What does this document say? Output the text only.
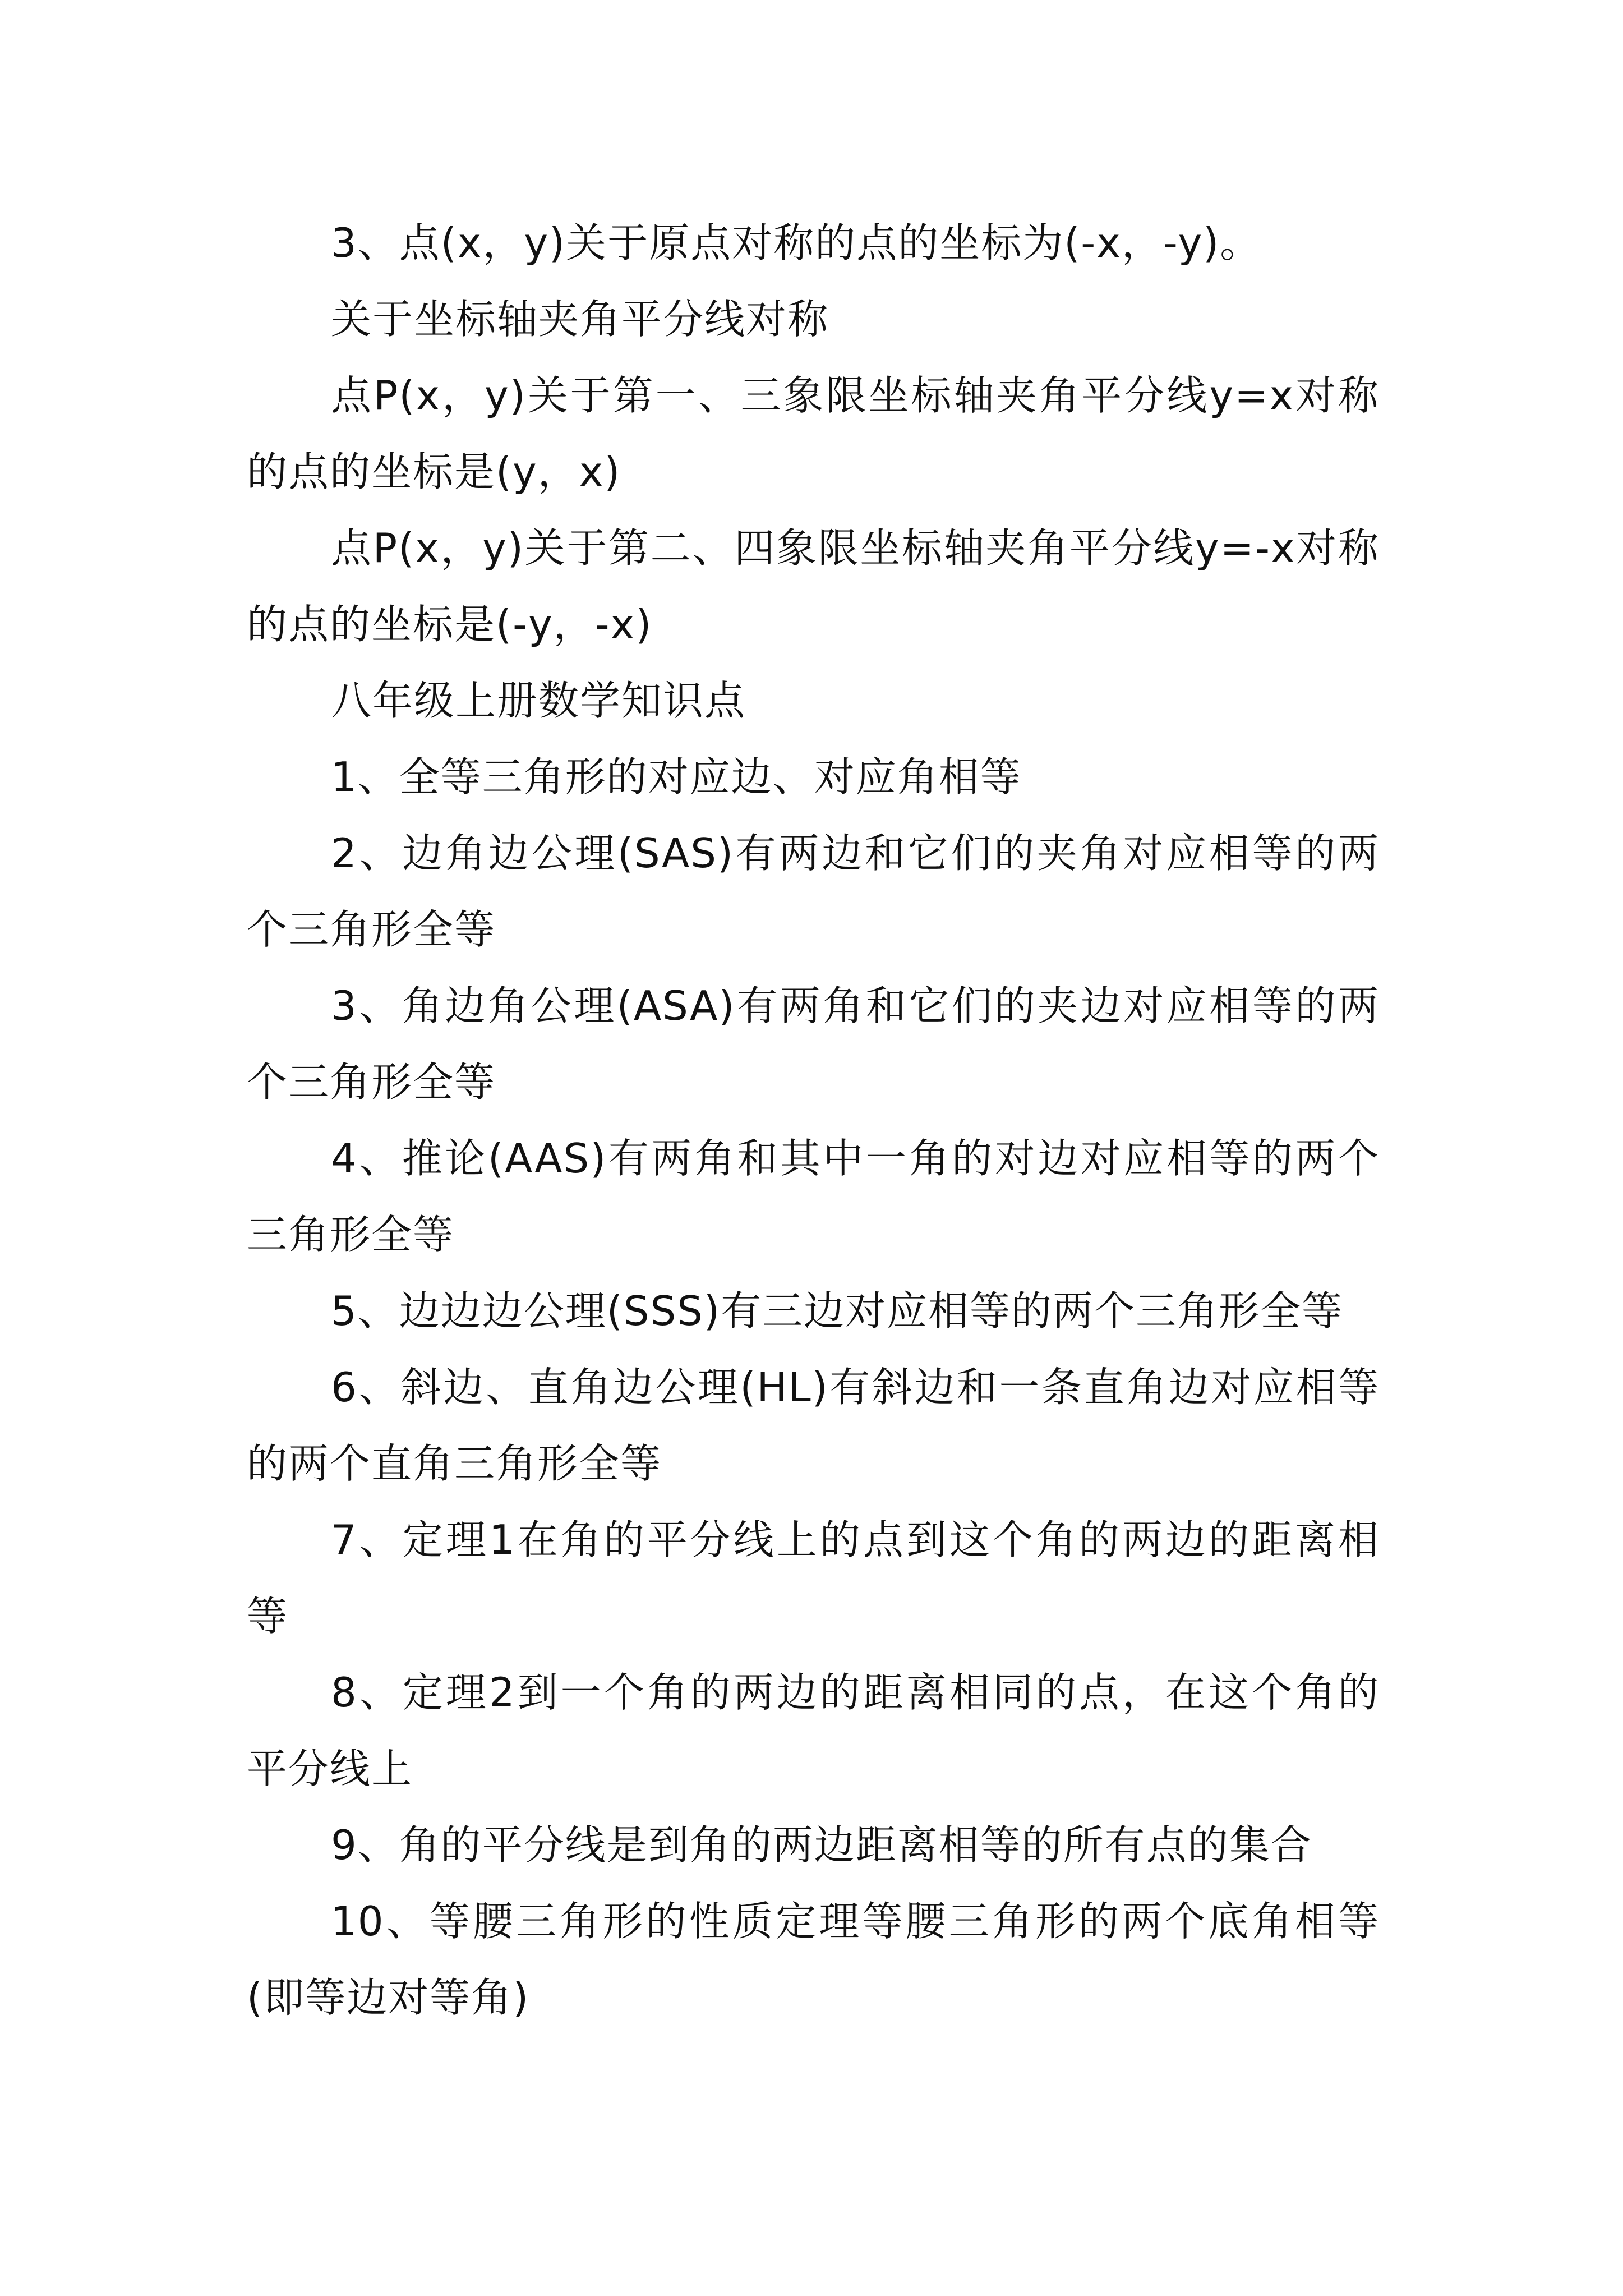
3、点(x，y)关于原点对称的点的坐标为(-x，-y)。

关于坐标轴夹角平分线对称

点P(x，y)关于第一、三象限坐标轴夹角平分线y=x对称的点的坐标是(y，x)

点P(x，y)关于第二、四象限坐标轴夹角平分线y=-x对称的点的坐标是(-y，-x)

八年级上册数学知识点

1、全等三角形的对应边、对应角相等

2、边角边公理(SAS)有两边和它们的夹角对应相等的两个三角形全等

3、角边角公理(ASA)有两角和它们的夹边对应相等的两个三角形全等

4、推论(AAS)有两角和其中一角的对边对应相等的两个三角形全等

5、边边边公理(SSS)有三边对应相等的两个三角形全等

6、斜边、直角边公理(HL)有斜边和一条直角边对应相等的两个直角三角形全等

7、定理1在角的平分线上的点到这个角的两边的距离相等

8、定理2到一个角的两边的距离相同的点，在这个角的平分线上

9、角的平分线是到角的两边距离相等的所有点的集合

10、等腰三角形的性质定理等腰三角形的两个底角相等(即等边对等角)
